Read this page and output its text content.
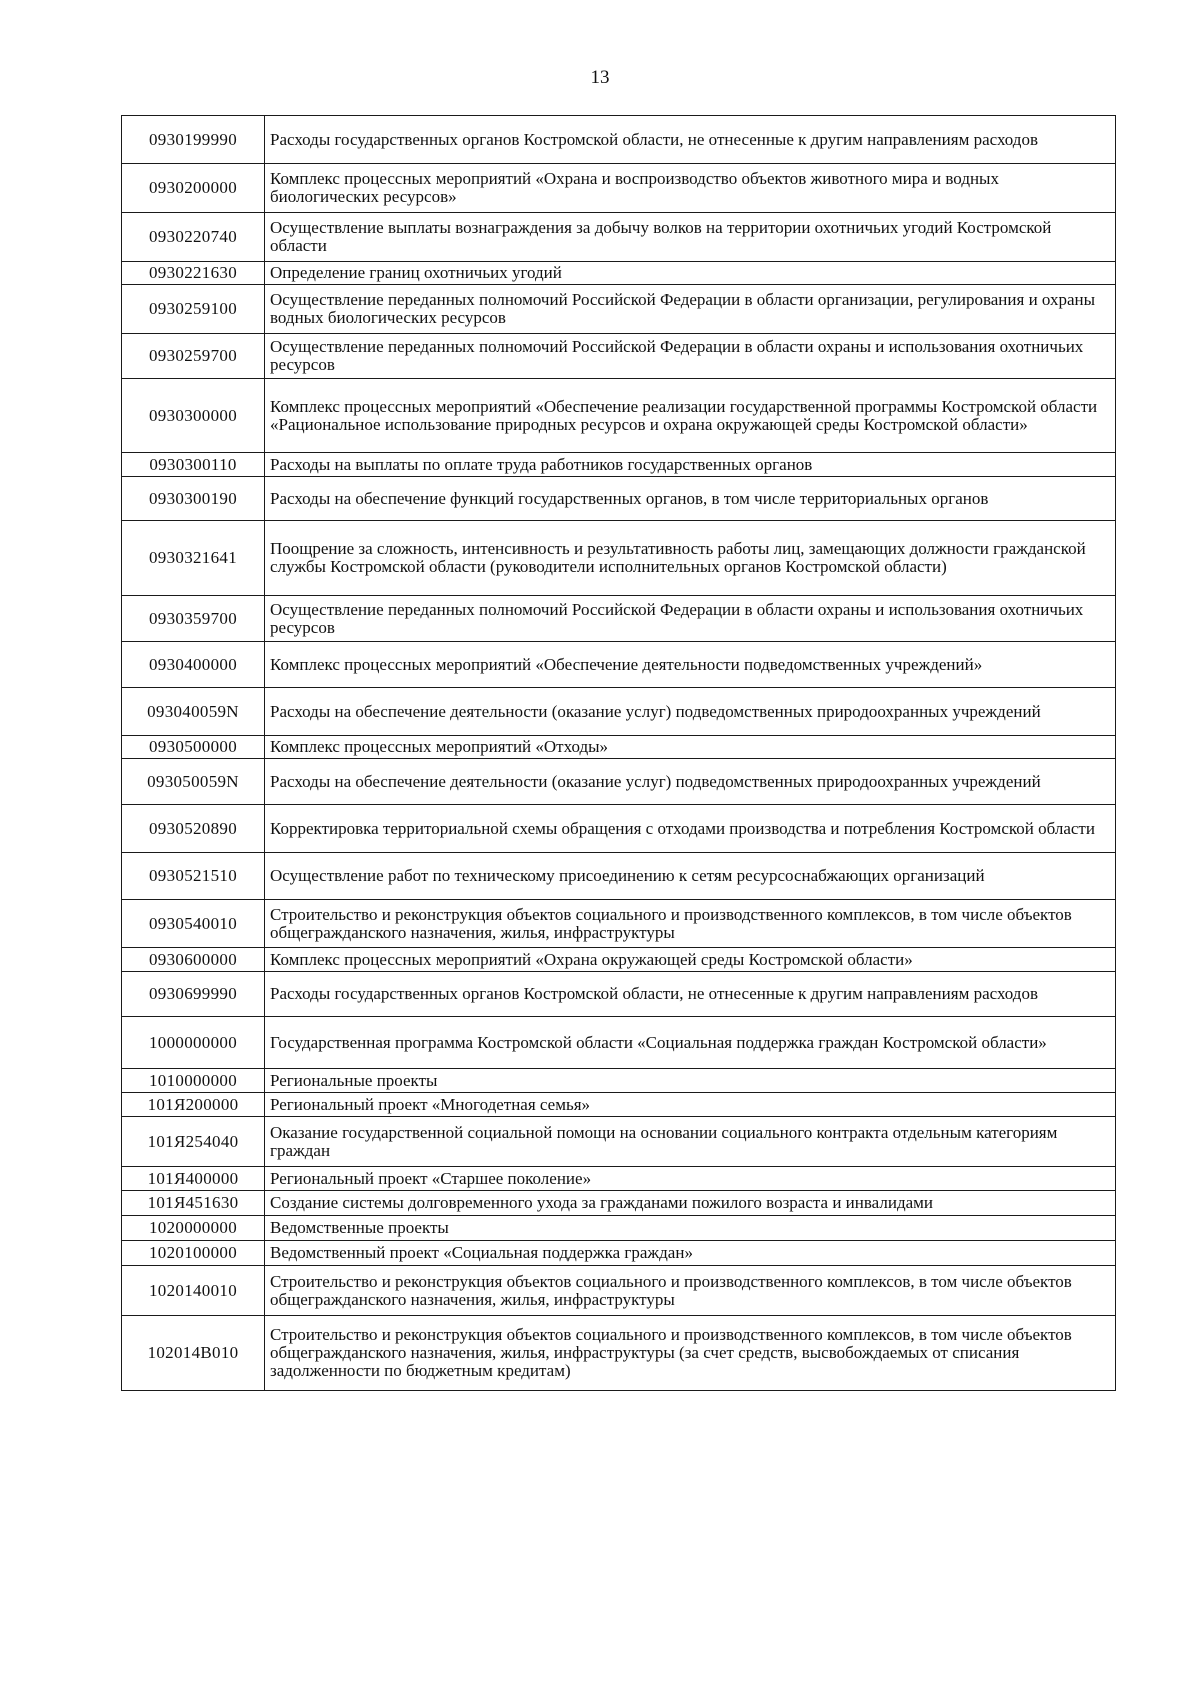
13
0930199990	Расходы государственных органов Костромской области, не отнесенные к другим направлениям расходов
0930200000	Комплекс процессных мероприятий «Охрана и воспроизводство объектов животного мира и водных биологических ресурсов»
0930220740	Осуществление выплаты вознаграждения за добычу волков на территории охотничьих угодий Костромской области
0930221630	Определение границ охотничьих угодий
0930259100	Осуществление переданных полномочий Российской Федерации в области организации, регулирования и охраны водных биологических ресурсов
0930259700	Осуществление переданных полномочий Российской Федерации в области охраны и использования охотничьих ресурсов
0930300000	Комплекс процессных мероприятий «Обеспечение реализации государственной программы Костромской области «Рациональное использование природных ресурсов и охрана окружающей среды Костромской области»
0930300110	Расходы на выплаты по оплате труда работников государственных органов
0930300190	Расходы на обеспечение функций государственных органов, в том числе территориальных органов
0930321641	Поощрение за сложность, интенсивность и результативность работы лиц, замещающих должности гражданской службы Костромской области (руководители исполнительных органов Костромской области)
0930359700	Осуществление переданных полномочий Российской Федерации в области охраны и использования охотничьих ресурсов
0930400000	Комплекс процессных мероприятий «Обеспечение деятельности подведомственных учреждений»
093040059N	Расходы на обеспечение деятельности (оказание услуг) подведомственных природоохранных учреждений
0930500000	Комплекс процессных мероприятий «Отходы»
093050059N	Расходы на обеспечение деятельности (оказание услуг) подведомственных природоохранных учреждений
0930520890	Корректировка территориальной схемы обращения с отходами производства и потребления Костромской области
0930521510	Осуществление работ по техническому присоединению к сетям ресурсоснабжающих организаций
0930540010	Строительство и реконструкция объектов социального и производственного комплексов, в том числе объектов общегражданского назначения, жилья, инфраструктуры
0930600000	Комплекс процессных мероприятий «Охрана окружающей среды Костромской области»
0930699990	Расходы государственных органов Костромской области, не отнесенные к другим направлениям расходов
1000000000	Государственная программа Костромской области «Социальная поддержка граждан Костромской области»
1010000000	Региональные проекты
101Я200000	Региональный проект «Многодетная семья»
101Я254040	Оказание государственной социальной помощи на основании социального контракта отдельным категориям граждан
101Я400000	Региональный проект «Старшее поколение»
101Я451630	Создание системы долговременного ухода за гражданами пожилого возраста и инвалидами
1020000000	Ведомственные проекты
1020100000	Ведомственный проект «Социальная поддержка граждан»
1020140010	Строительство и реконструкция объектов социального и производственного комплексов, в том числе объектов общегражданского назначения, жилья, инфраструктуры
102014В010	Строительство и реконструкция объектов социального и производственного комплексов, в том числе объектов общегражданского назначения, жилья, инфраструктуры (за счет средств, высвобождаемых от списания задолженности по бюджетным кредитам)
